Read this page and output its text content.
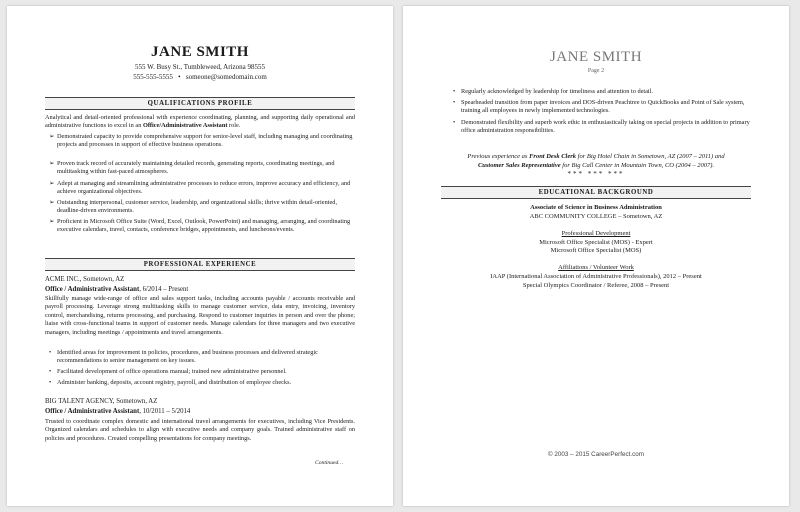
JANE SMITH
555 W. Busy St., Tumbleweed, Arizona 98555
555-555-5555   •   someone@somedomain.com
QUALIFICATIONS PROFILE
Analytical and detail-oriented professional with experience coordinating, planning, and supporting daily operational and administrative functions to excel in an Office/Administrative Assistant role.
➢ Demonstrated capacity to provide comprehensive support for senior-level staff, including managing and coordinating projects and processes in support of effective business operations.
➢ Proven track record of accurately maintaining detailed records, generating reports, coordinating meetings, and multitasking within fast-paced atmospheres.
➢ Adept at managing and streamlining administrative processes to reduce errors, improve accuracy and efficiency, and achieve organizational objectives.
➢ Outstanding interpersonal, customer service, leadership, and organizational skills; thrive within detail-oriented, deadline-driven environments.
➢ Proficient in Microsoft Office Suite (Word, Excel, Outlook, PowerPoint) and managing, arranging, and coordinating executive calendars, travel, contacts, conference bridges, appointments, and luncheons/events.
PROFESSIONAL EXPERIENCE
ACME INC., Sometown, AZ
Office / Administrative Assistant, 6/2014 – Present
Skillfully manage wide-range of office and sales support tasks, including accounts payable / accounts receivable and payroll processing. Leverage strong multitasking skills to manage customer service, data entry, invoicing, inventory control, merchandising, returns processing, and purchasing. Respond to customer inquiries in person and over the phone; liaise with cross-functional teams in support of customer needs. Manage calendars for three managers and two executive managers, including meetings / appointments and travel arrangements.
• Identified areas for improvement in policies, procedures, and business processes and delivered strategic recommendations to senior management on key issues.
• Facilitated development of office operations manual; trained new administrative personnel.
• Administer banking, deposits, account registry, payroll, and distribution of employee checks.
BIG TALENT AGENCY, Sometown, AZ
Office / Administrative Assistant, 10/2011 – 5/2014
Trusted to coordinate complex domestic and international travel arrangements for executives, including Vice Presidents. Organized calendars and schedules to align with executive needs and company goals. Trained administrative staff on policies and procedures. Created compelling presentations for company meetings.
Continued…
JANE SMITH
Page 2
• Regularly acknowledged by leadership for timeliness and attention to detail.
• Spearheaded transition from paper invoices and DOS-driven Peachtree to QuickBooks and Point of Sale system, training all employees in newly implemented technologies.
• Demonstrated flexibility and superb work ethic in enthusiastically taking on special projects in addition to primary office administration responsibilities.
Previous experience as Front Desk Clerk for Big Hotel Chain in Sometown, AZ (2007 – 2011) and
Customer Sales Representative for Big Call Center in Mountain Town, CO (2004 – 2007).
*** *** ***
EDUCATIONAL BACKGROUND
Associate of Science in Business Administration
ABC COMMUNITY COLLEGE – Sometown, AZ
Professional Development
Microsoft Office Specialist (MOS) - Expert
Microsoft Office Specialist (MOS)
Affiliations / Volunteer Work
IAAP (International Association of Administrative Professionals), 2012 – Present
Special Olympics Coordinator / Referee, 2008 – Present
© 2003 – 2015 CareerPerfect.com
